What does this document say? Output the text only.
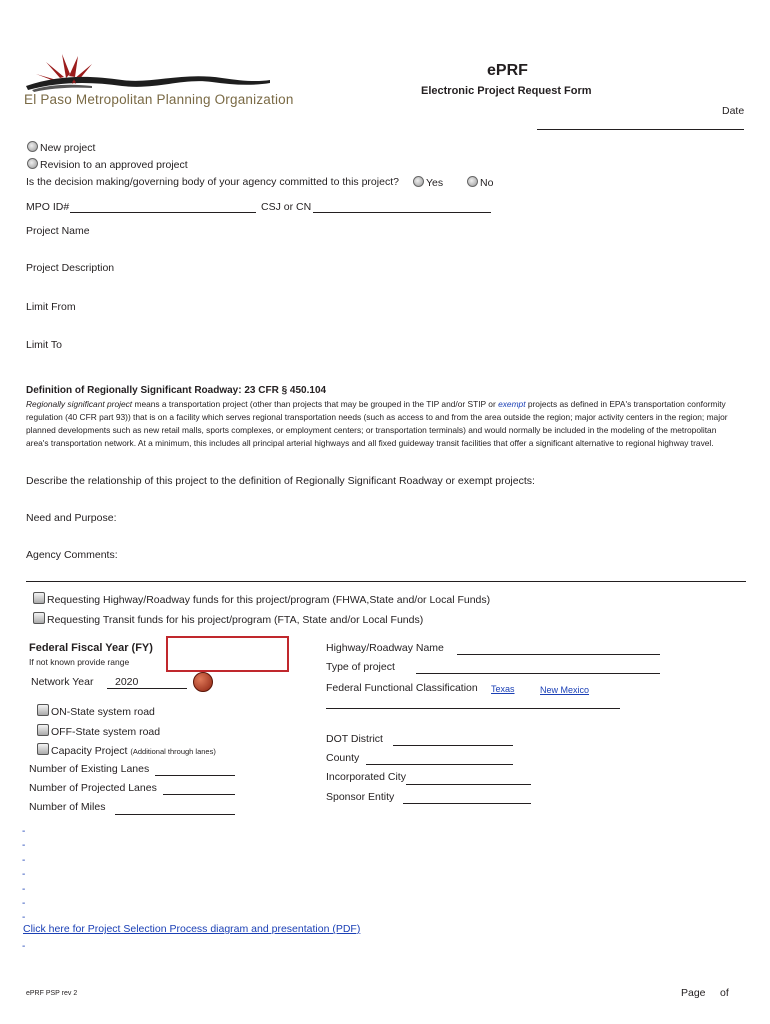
El Paso Metropolitan Planning Organization
ePRF
Electronic Project Request Form
Date
New project
Revision to an approved project
Is the decision making/governing body of your agency committed to this project?	Yes	No
MPO ID#	CSJ or CN
Project Name
Project Description
Limit From
Limit To
Definition of Regionally Significant Roadway: 23 CFR § 450.104
Regionally significant project means a transportation project (other than projects that may be grouped in the TIP and/or STIP or exempt projects as defined in EPA's transportation conformity regulation (40 CFR part 93)) that is on a facility which serves regional transportation needs (such as access to and from the area outside the region; major activity centers in the region; major planned developments such as new retail malls, sports complexes, or employment centers; or transportation terminals) and would normally be included in the modeling of the metropolitan area's transportation network. At a minimum, this includes all principal arterial highways and all fixed guideway transit facilities that offer a significant alternative to regional highway travel.
Describe the relationship of this project to the definition of Regionally Significant Roadway or exempt projects:
Need and Purpose:
Agency Comments:
Requesting Highway/Roadway funds for this project/program (FHWA,State and/or Local Funds)
Requesting Transit funds for his project/program (FTA, State and/or Local Funds)
Federal Fiscal Year (FY)
If not known provide range
Network Year 2020
ON-State system road
OFF-State system road
Capacity Project (Additional through lanes)
Number of Existing Lanes
Number of Projected Lanes
Number of Miles
Highway/Roadway Name
Type of project
Federal Functional Classification Texas	New Mexico
DOT District
County
Incorporated City
Sponsor Entity
-
-
-
-
-
-
-
Click here for Project Selection Process diagram and presentation (PDF)
-
ePRF PSP rev 2	Page of
